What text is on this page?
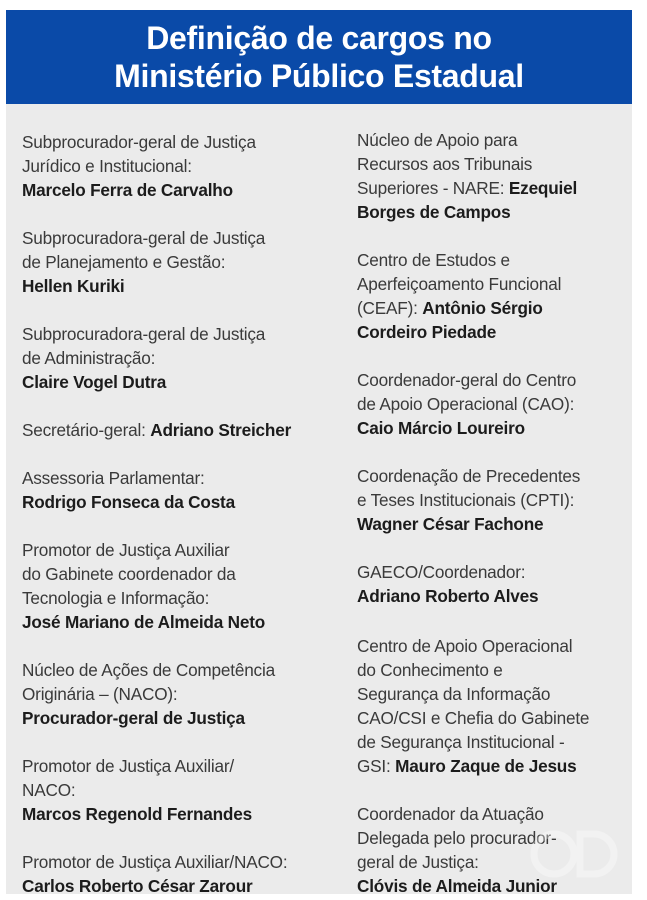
Definição de cargos no
Ministério Público Estadual
Subprocurador-geral de Justiça
Jurídico e Institucional:
Marcelo Ferra de Carvalho
Subprocuradora-geral de Justiça
de Planejamento e Gestão:
Hellen Kuriki
Subprocuradora-geral de Justiça
de Administração:
Claire Vogel Dutra
Secretário-geral: Adriano Streicher
Assessoria Parlamentar:
Rodrigo Fonseca da Costa
Promotor de Justiça Auxiliar
do Gabinete coordenador da
Tecnologia e Informação:
José Mariano de Almeida Neto
Núcleo de Ações de Competência
Originária – (NACO):
Procurador-geral de Justiça
Promotor de Justiça Auxiliar/
NACO:
Marcos Regenold Fernandes
Promotor de Justiça Auxiliar/NACO:
Carlos Roberto César Zarour
Núcleo de Apoio para
Recursos aos Tribunais
Superiores - NARE: Ezequiel
Borges de Campos
Centro de Estudos e
Aperfeiçoamento Funcional
(CEAF): Antônio Sérgio
Cordeiro Piedade
Coordenador-geral do Centro
de Apoio Operacional (CAO):
Caio Márcio Loureiro
Coordenação de Precedentes
e Teses Institucionais (CPTI):
Wagner César Fachone
GAECO/Coordenador:
Adriano Roberto Alves
Centro de Apoio Operacional
do Conhecimento e
Segurança da Informação
CAO/CSI e Chefia do Gabinete
de Segurança Institucional -
GSI: Mauro Zaque de Jesus
Coordenador da Atuação
Delegada pelo procurador-
geral de Justiça:
Clóvis de Almeida Junior
